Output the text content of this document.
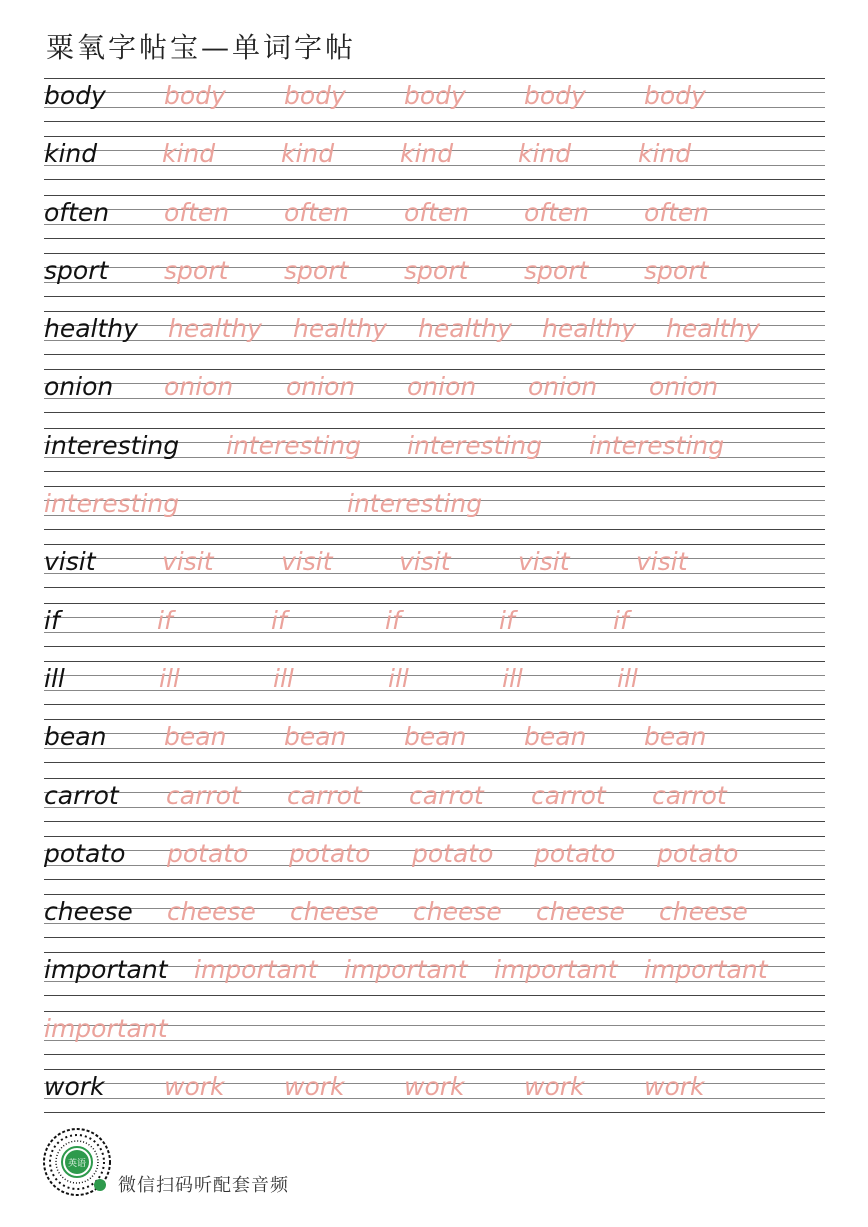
粟氧字帖宝—单词字帖
body body body body body body
kind	kind	kind	kind	kind	kind
often often often often often often
sport sport sport sport sport sport
healthy healthy healthy healthy healthy healthy
onion onion onion onion onion onion
interesting interesting interesting interesting
interesting	interesting
visit	visit	visit	visit	visit	visit
if	if	if	if	if	if
ill	ill	ill	ill	ill	ill
bean bean bean bean bean bean
carrot carrot carrot carrot carrot carrot
potato potato potato potato potato potato
cheese cheese cheese cheese cheese cheese
important important important important important
important
work work work work work work
英语
微信扫码听配套音频
